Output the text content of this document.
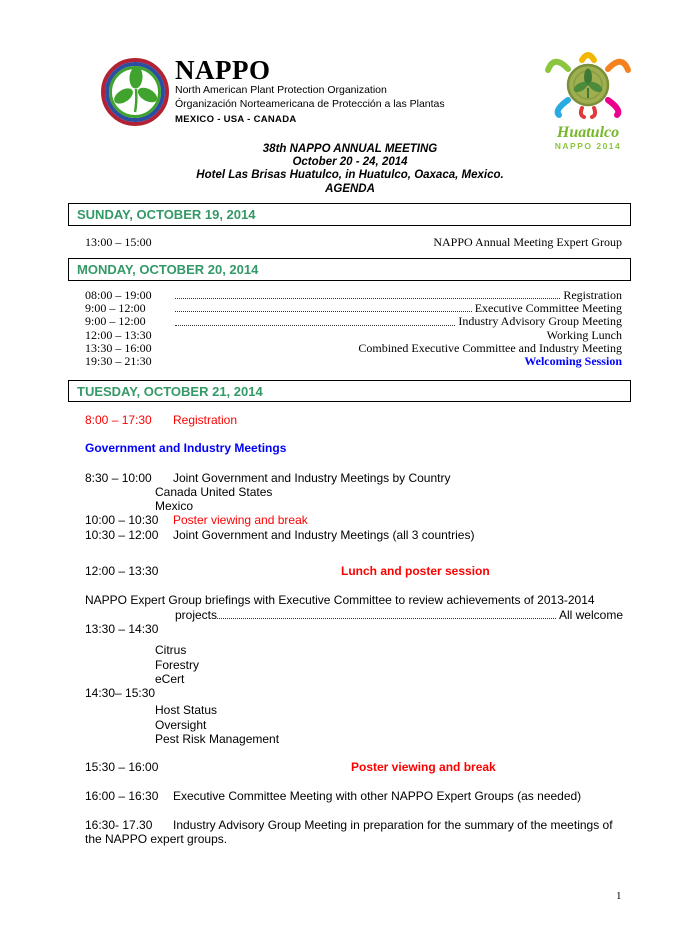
NAPPO
North American Plant Protection Organization
Órganización Norteamericana de Protección a las Plantas
MEXICO - USA - CANADA
Huatulco
NAPPO 2014
38th NAPPO ANNUAL MEETING
October 20 - 24, 2014
Hotel Las Brisas Huatulco, in Huatulco, Oaxaca, Mexico.
AGENDA
SUNDAY, OCTOBER 19, 2014
13:00 – 15:00	NAPPO Annual Meeting Expert Group
MONDAY, OCTOBER 20, 2014
08:00 – 19:00	Registration
9:00 – 12:00	Executive Committee Meeting
9:00 – 12:00	Industry Advisory Group Meeting
12:00 – 13:30	Working Lunch
13:30 – 16:00	Combined Executive Committee and Industry Meeting
19:30 – 21:30	Welcoming Session
TUESDAY, OCTOBER 21, 2014
8:00 – 17:30	Registration
Government and Industry Meetings
8:30 – 10:00	Joint Government and Industry Meetings by Country
Canada United States
Mexico
10:00 – 10:30	Poster viewing and break
10:30 – 12:00	Joint Government and Industry Meetings (all 3 countries)
12:00 – 13:30	Lunch and poster session
NAPPO Expert Group briefings with Executive Committee to review achievements of 2013-2014
projects	All welcome
13:30 – 14:30
Citrus
Forestry
eCert
14:30– 15:30
Host Status
Oversight
Pest Risk Management
15:30 – 16:00	Poster viewing and break
16:00 – 16:30	Executive Committee Meeting with other NAPPO Expert Groups (as needed)
16:30- 17.30 Industry Advisory Group Meeting in preparation for the summary of the meetings of the NAPPO expert groups.
1
